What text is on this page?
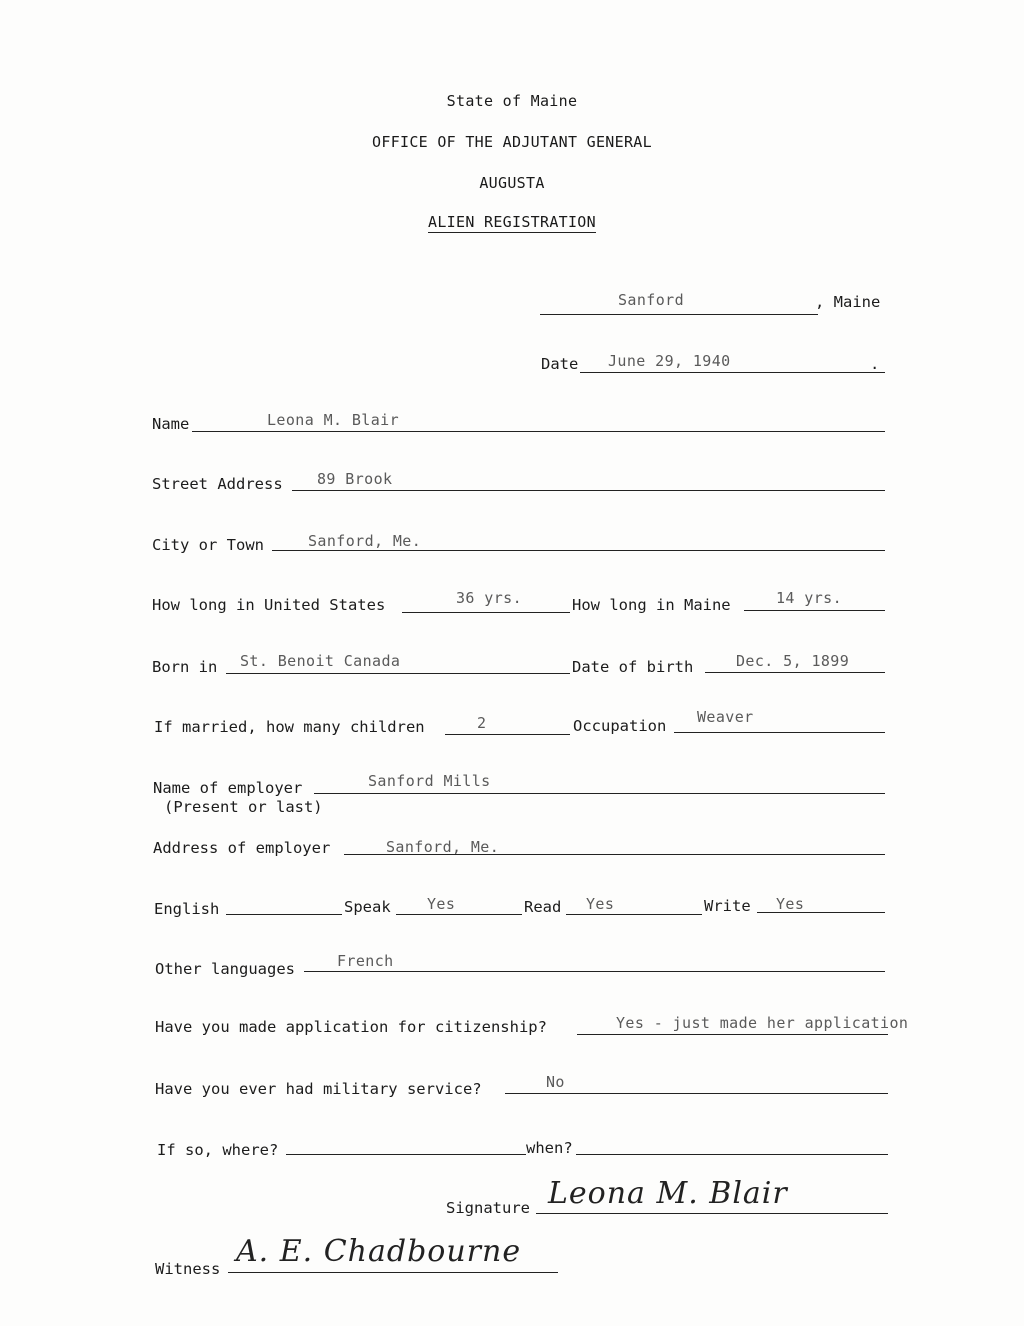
State of Maine
OFFICE OF THE ADJUTANT GENERAL
AUGUSTA
ALIEN REGISTRATION
Sanford	, Maine
Date June 29, 1940	.
Name	Leona M. Blair
Street Address 89 Brook
City or Town	Sanford, Me.
How long in United States	36 yrs.	How long in Maine	14 yrs.
Born in St. Benoit Canada	Date of birth	Dec. 5, 1899
If married, how many children	2	Occupation Weaver
Name of employer	Sanford Mills
(Present or last)
Address of employer	Sanford, Me.
English	Speak Yes	Read Yes	Write Yes
Other languages	French
Have you made application for citizenship?	Yes - just made her application
Have you ever had military service?	No
If so, where?	when?
Signature Leona M. Blair
Witness A. E. Chadbourne
